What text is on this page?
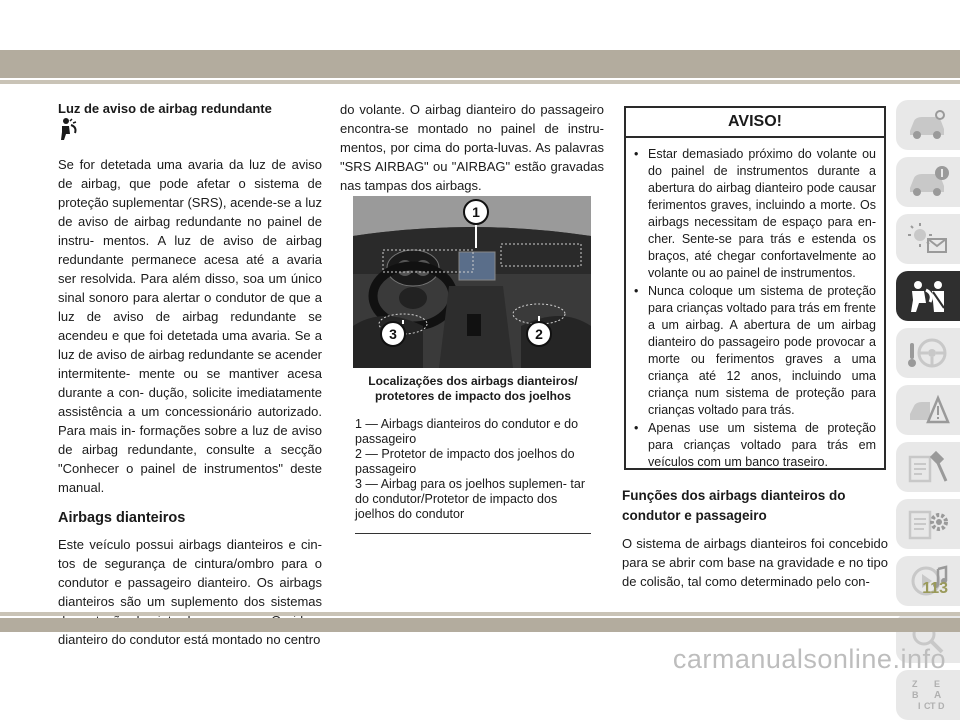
Luz de aviso de airbag redundante

Se for detetada uma avaria da luz de aviso de airbag, que pode afetar o sistema de proteção suplementar (SRS), acende-se a luz de aviso de airbag redundante no painel de instru- mentos. A luz de aviso de airbag redundante permanece acesa até a avaria ser resolvida. Para além disso, soa um único sinal sonoro para alertar o condutor de que a luz de aviso de airbag redundante se acendeu e que foi detetada uma avaria. Se a luz de aviso de airbag redundante se acender intermitente- mente ou se mantiver acesa durante a con- dução, solicite imediatamente assistência a um concessionário autorizado. Para mais in- formações sobre a luz de aviso de airbag redundante, consulte a secção "Conhecer o painel de instrumentos" deste manual.

Airbags dianteiros

Este veículo possui airbags dianteiros e cin- tos de segurança de cintura/ombro para o condutor e passageiro dianteiro. Os airbags dianteiros são um suplemento dos sistemas dianteiro do condutor está montado no centro

do volante. O airbag dianteiro do passageiro encontra-se montado no painel de instru- mentos, por cima do porta-luvas. As palavras "SRS AIRBAG" ou "AIRBAG" estão gravadas nas tampas dos airbags.

1
2
3
Localizações dos airbags dianteiros/ protetores de impacto dos joelhos
1 — Airbags dianteiros do condutor e do passageiro
2 — Protetor de impacto dos joelhos do passageiro
3 — Airbag para os joelhos suplemen- tar do condutor/Protetor de impacto dos joelhos do condutor
AVISO!
• Estar demasiado próximo do volante ou do painel de instrumentos durante a abertura do airbag dianteiro pode causar ferimentos graves, incluindo a morte. Os airbags necessitam de espaço para en- cher. Sente-se para trás e estenda os braços, até chegar confortavelmente ao volante ou ao painel de instrumentos.
• Nunca coloque um sistema de proteção para crianças voltado para trás em frente a um airbag. A abertura de um airbag dianteiro do passageiro pode provocar a morte ou ferimentos graves a uma criança até 12 anos, incluindo uma criança num sistema de proteção para crianças voltado para trás.
• Apenas use um sistema de proteção para crianças voltado para trás em veículos com um banco traseiro.
Funções dos airbags dianteiros do condutor e passageiro

O sistema de airbags dianteiros foi concebido para se abrir com base na gravidade e no tipo de colisão, tal como determinado pelo con-

Z E
B A
I C T D
113
carmanualsonline.info
